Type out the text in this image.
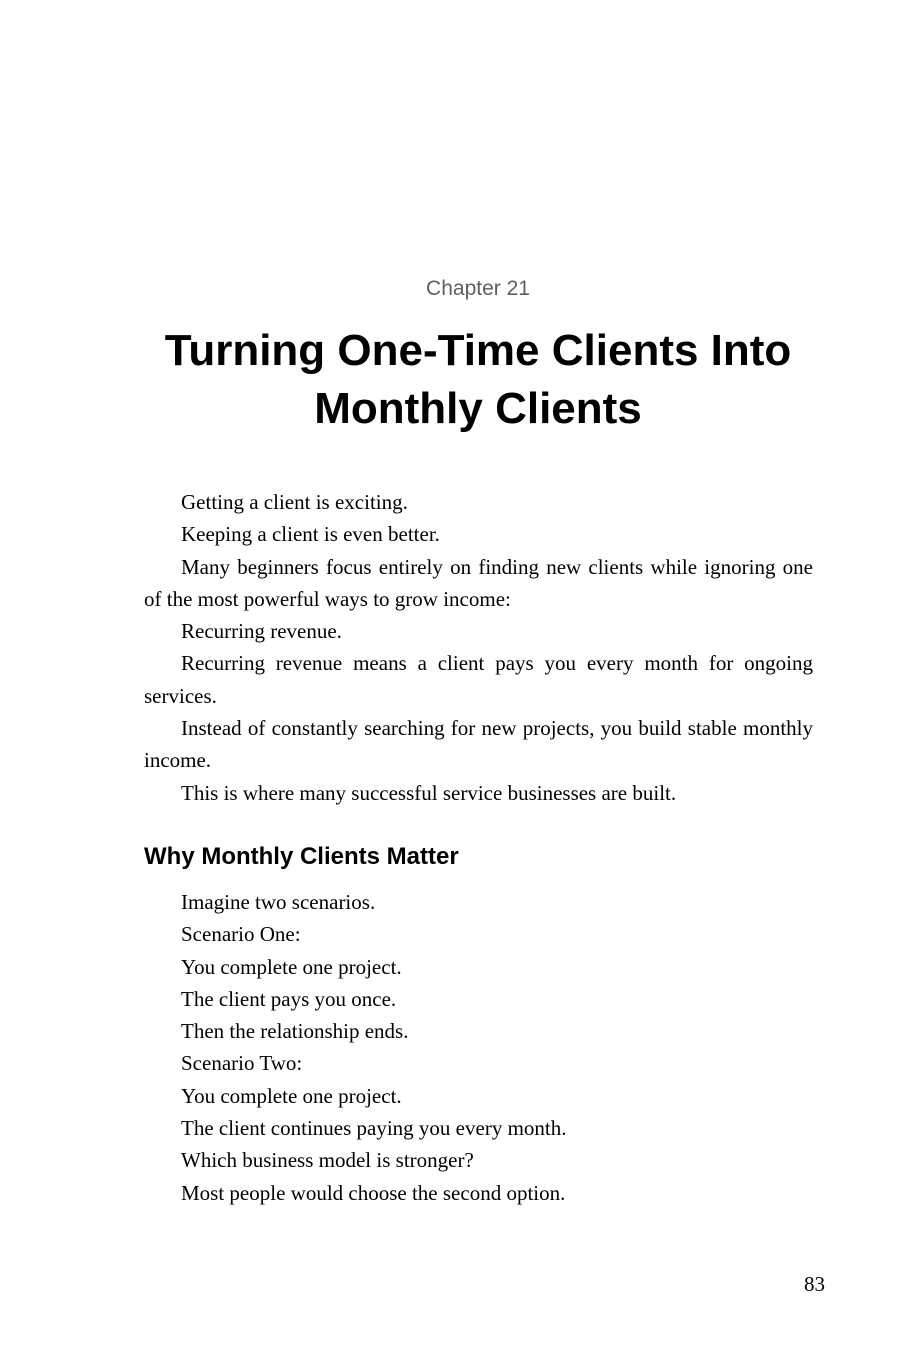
Chapter 21
Turning One-Time Clients Into
Monthly Clients

Getting a client is exciting.

Keeping a client is even better.

Many beginners focus entirely on finding new clients while ignoring one of the most powerful ways to grow income:

Recurring revenue.

Recurring revenue means a client pays you every month for ongoing services.

Instead of constantly searching for new projects, you build stable monthly income.

This is where many successful service businesses are built.

Why Monthly Clients Matter

Imagine two scenarios.

Scenario One:

You complete one project.

The client pays you once.

Then the relationship ends.

Scenario Two:

You complete one project.

The client continues paying you every month.

Which business model is stronger?

Most people would choose the second option.

83
